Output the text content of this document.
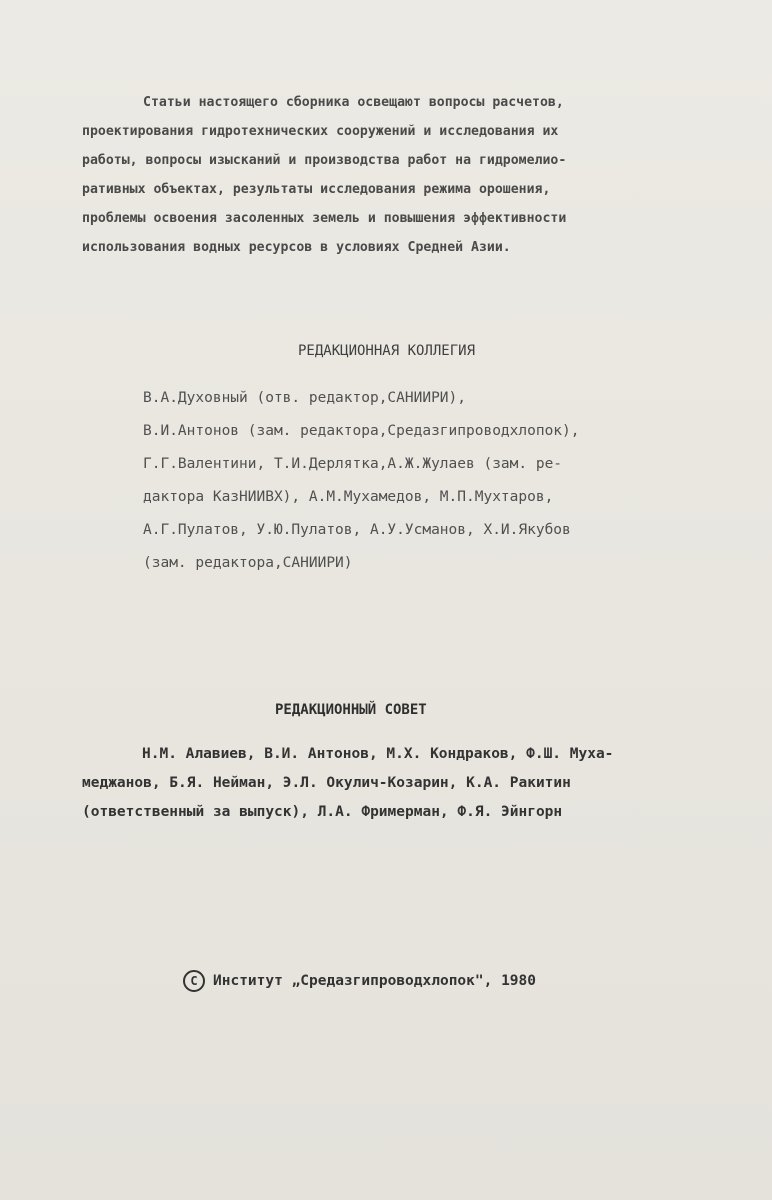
Статьи настоящего сборника освещают вопросы расчетов,
проектирования гидротехнических сооружений и исследования их
работы, вопросы изысканий и производства работ на гидромелио-
ративных объектах, результаты исследования режима орошения,
проблемы освоения засоленных земель и повышения эффективности
использования водных ресурсов в условиях Средней Азии.
РЕДАКЦИОННАЯ КОЛЛЕГИЯ
В.А.Духовный (отв. редактор,САНИИРИ),
В.И.Антонов (зам. редактора,Средазгипроводхлопок),
Г.Г.Валентини, Т.И.Дерлятка,А.Ж.Жулаев (зам. ре-
дактора КазНИИВХ), А.М.Мухамедов, М.П.Мухтаров,
А.Г.Пулатов, У.Ю.Пулатов, А.У.Усманов, Х.И.Якубов
(зам. редактора,САНИИРИ)
РЕДАКЦИОННЫЙ СОВЕТ
Н.М. Алавиев, В.И. Антонов, М.Х. Кондраков, Ф.Ш. Муха-
меджанов, Б.Я. Нейман, Э.Л. Окулич-Козарин, К.А. Ракитин
(ответственный за выпуск), Л.А. Фримерман, Ф.Я. Эйнгорн
C Институт „Средазгипроводхлопок", 1980
